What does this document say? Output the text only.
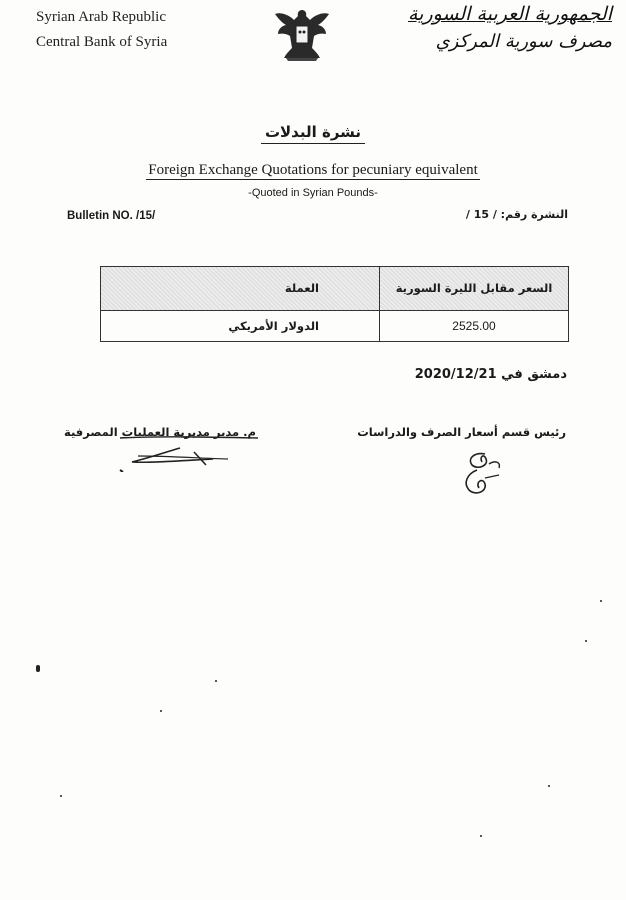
Syrian Arab Republic
Central Bank of Syria
الجمهورية العربية السورية
مصرف سورية المركزي
نشرة البدلات
Foreign Exchange Quotations for pecuniary equivalent
-Quoted in Syrian Pounds-
Bulletin NO. /15/	النشرة رقم: / 15 /
العملة	السعر مقابل الليرة السورية
الدولار الأمريكي	2525.00
دمشق في 2020/12/21
م. مدير مديرية العمليات المصرفية	رئيس قسم أسعار الصرف والدراسات
